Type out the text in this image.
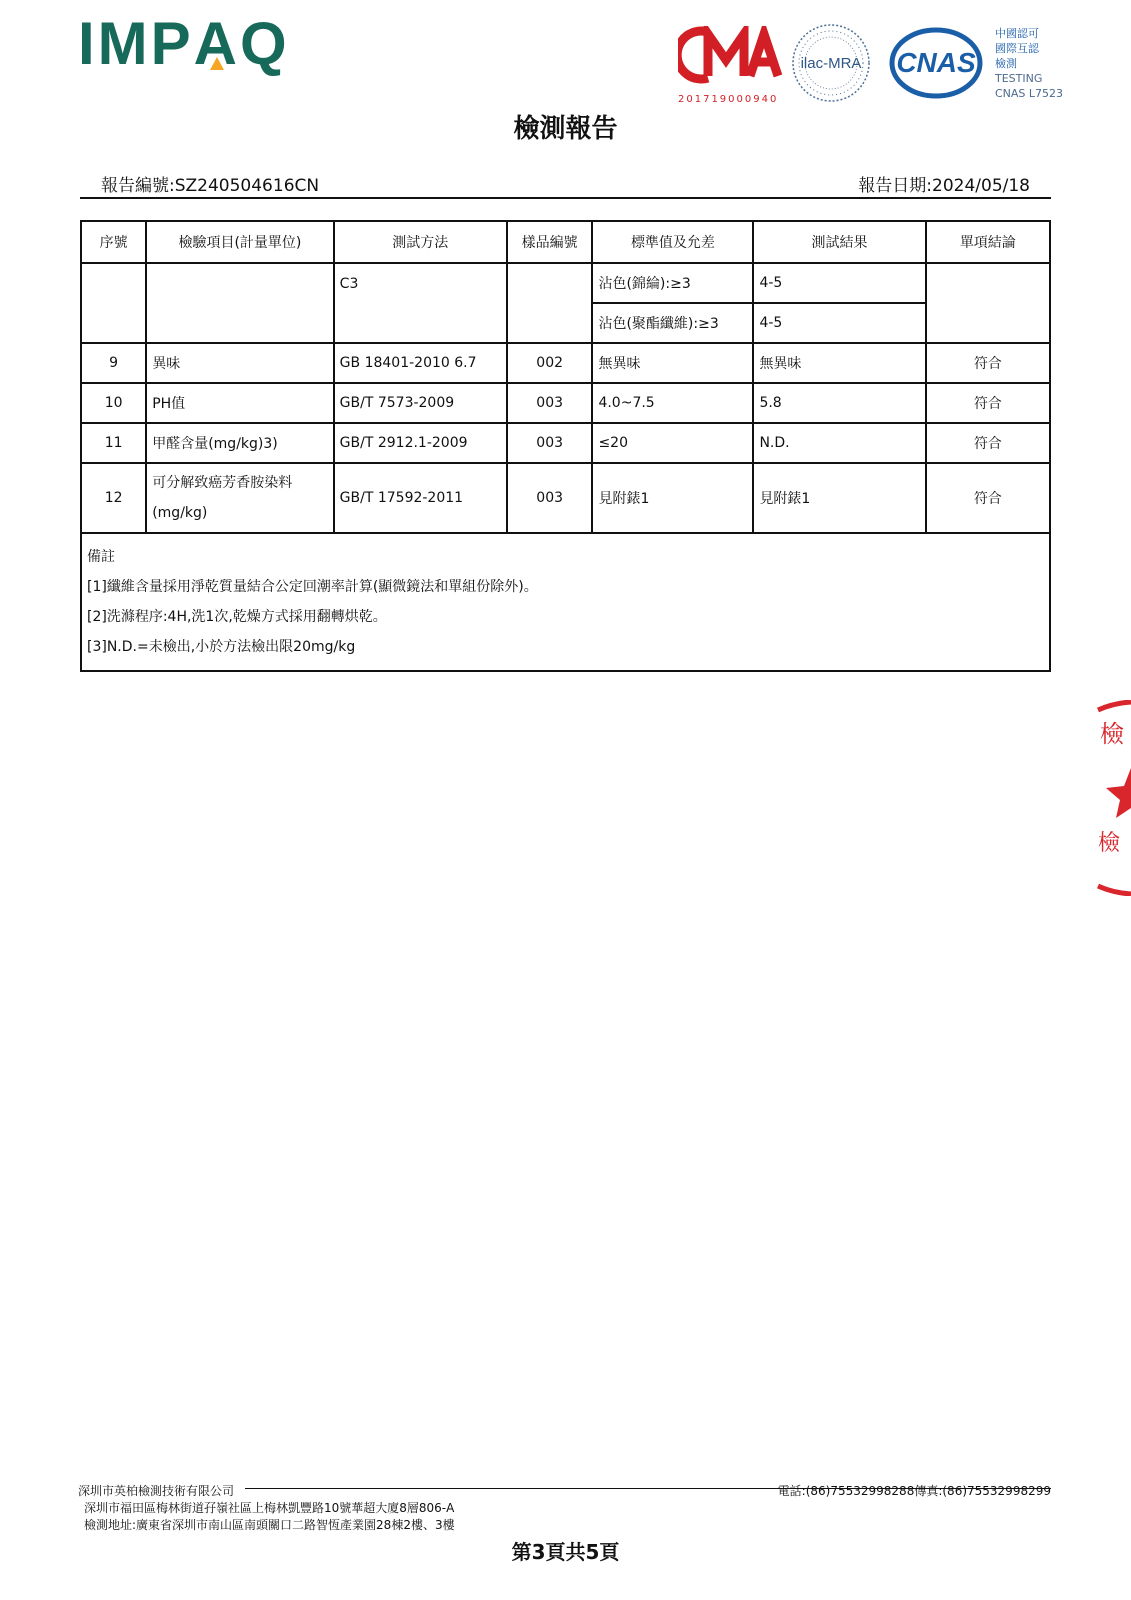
IMPA
Q
201719000940
ilac-MRA CNAS
中國認可
國際互認
檢測
TESTING
CNAS L7523
檢測報告
報告編號:SZ240504616CN	報告日期:2024/05/18
序號	檢驗項目(計量單位)	測試方法	樣品編號	標準值及允差	測試結果	單項結論
		C3		沾色(錦綸):≥3	4-5	
				沾色(聚酯纖維):≥3	4-5	
9	異味	GB 18401-2010 6.7	002	無異味	無異味	符合
10	PH值	GB/T 7573-2009	003	4.0~7.5	5.8	符合
11	甲醛含量(mg/kg)3)	GB/T 2912.1-2009	003	≤20	N.D.	符合
12	可分解致癌芳香胺染料
(mg/kg)	GB/T 17592-2011	003	見附錶1	見附錶1	符合

備註
[1]纖維含量採用淨乾質量結合公定回潮率計算(顯微鏡法和單組份除外)。
[2]洗滌程序:4H,洗1次,乾燥方式採用翻轉烘乾。
[3]N.D.=未檢出,小於方法檢出限20mg/kg						
檢
檢
深圳市英柏檢測技術有限公司
深圳市福田區梅林街道孖嶺社區上梅林凱豐路10號華超大廈8層806-A
檢測地址:廣東省深圳市南山區南頭關口二路智恆產業園28棟2樓、3樓
電話:(86)75532998288傳真:(86)75532998299
第3頁共5頁
